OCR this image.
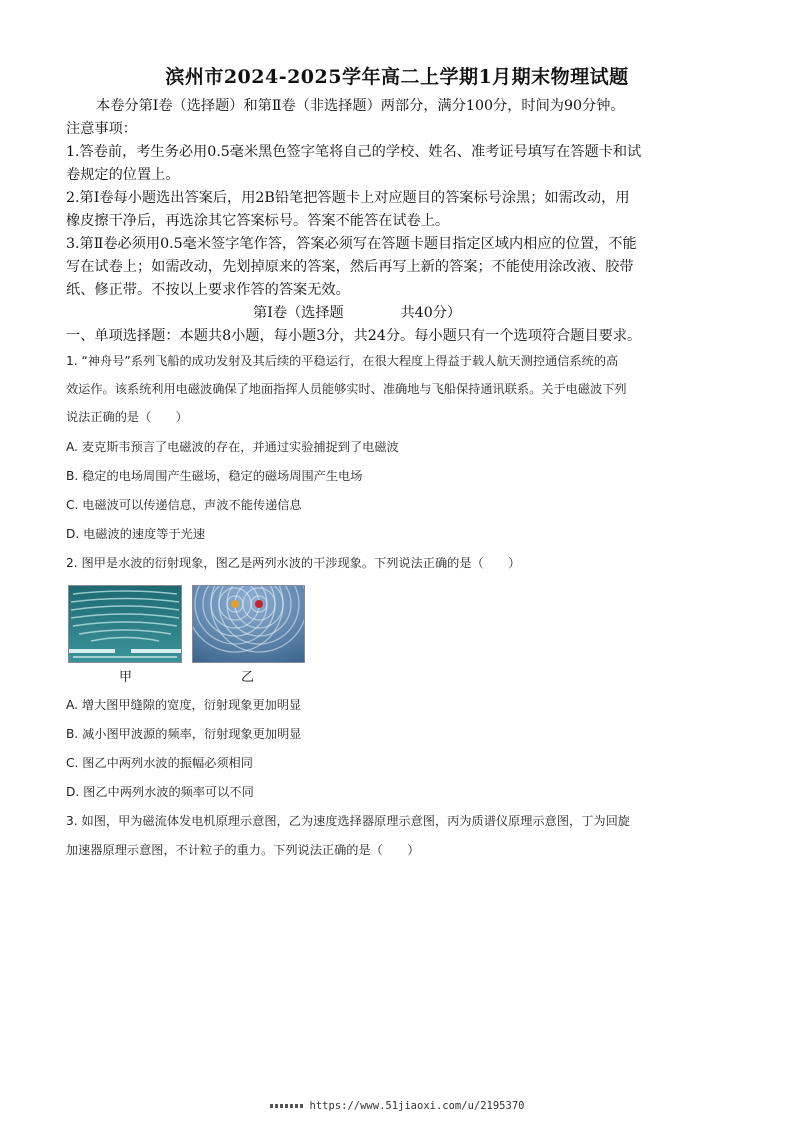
滨州市2024-2025学年高二上学期1月期末物理试题
本卷分第Ⅰ卷（选择题）和第Ⅱ卷（非选择题）两部分，满分100分，时间为90分钟。
注意事项：
1.答卷前，考生务必用0.5毫米黑色签字笔将自己的学校、姓名、准考证号填写在答题卡和试
卷规定的位置上。
2.第Ⅰ卷每小题选出答案后，用2B铅笔把答题卡上对应题目的答案标号涂黑；如需改动，用
橡皮擦干净后，再选涂其它答案标号。答案不能答在试卷上。
3.第Ⅱ卷必须用0.5毫米签字笔作答，答案必须写在答题卡题目指定区域内相应的位置，不能
写在试卷上；如需改动，先划掉原来的答案，然后再写上新的答案；不能使用涂改液、胶带
纸、修正带。不按以上要求作答的答案无效。
第Ⅰ卷（选择题　　　　共40分）
一、单项选择题：本题共8小题，每小题3分，共24分。每小题只有一个选项符合题目要求。
1. “神舟号”系列飞船的成功发射及其后续的平稳运行，在很大程度上得益于载人航天测控通信系统的高
效运作。该系统利用电磁波确保了地面指挥人员能够实时、准确地与飞船保持通讯联系。关于电磁波下列
说法正确的是（　　）
A. 麦克斯韦预言了电磁波的存在，并通过实验捕捉到了电磁波
B. 稳定的电场周围产生磁场，稳定的磁场周围产生电场
C. 电磁波可以传递信息，声波不能传递信息
D. 电磁波的速度等于光速
2. 图甲是水波的衍射现象，图乙是两列水波的干涉现象。下列说法正确的是（　　）
甲	乙
A. 增大图甲缝隙的宽度，衍射现象更加明显
B. 减小图甲波源的频率，衍射现象更加明显
C. 图乙中两列水波的振幅必须相同
D. 图乙中两列水波的频率可以不同
3. 如图，甲为磁流体发电机原理示意图，乙为速度选择器原理示意图，丙为质谱仪原理示意图，丁为回旋
加速器原理示意图，不计粒子的重力。下列说法正确的是（　　）
https://www.51jiaoxi.com/u/2195370
